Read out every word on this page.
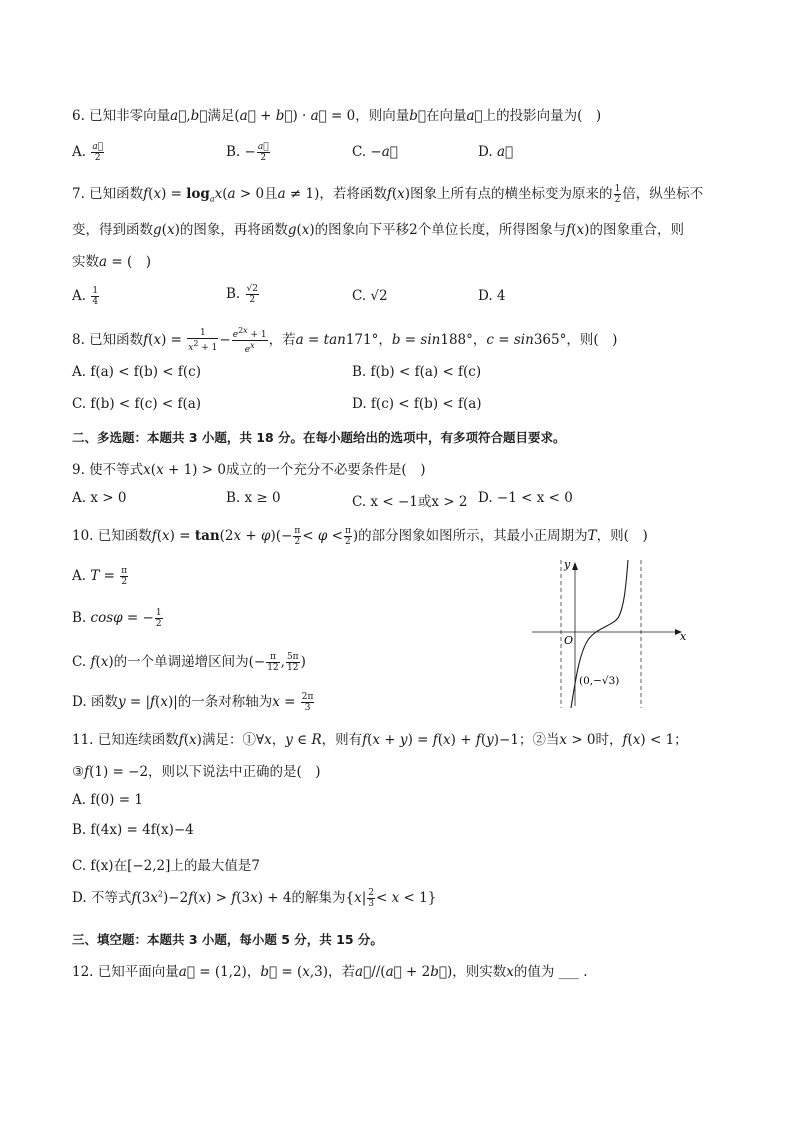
6. 已知非零向量a⃗,b⃗满足(a⃗ + b⃗) · a⃗ = 0，则向量b⃗在向量a⃗上的投影向量为(　)
A. $\frac{a⃗}{2}$	B. − $\frac{a⃗}{2}$	C. −a⃗	D. a⃗
7. 已知函数$f(x) = \log_ax(a > 0$且a ≠ 1)，若将函数f(x)图象上所有点的横坐标变为原来的 $\frac{1}{2}$ 倍，纵坐标不
变，得到函数g(x)的图象，再将函数g(x)的图象向下平移2个单位长度，所得图象与f(x)的图象重合，则
实数a = (　)
A. $\frac{1}{4}$	B. $\frac{√2}{2}$	C. √2	D. 4
8. 已知函数$f(x) = \frac{1}{x2 + 1} - \frac{e2x + 1}{ex}$ ，若a = tan171°，b = sin188°，c = sin365°，则(　)
A. f(a) < f(b) < f(c)	B. f(b) < f(a) < f(c)
C. f(b) < f(c) < f(a)	D. f(c) < f(b) < f(a)
二、多选题：本题共 3 小题，共 18 分。在每小题给出的选项中，有多项符合题目要求。
9. 使不等式x(x + 1) > 0成立的一个充分不必要条件是(　)
A. x > 0	B. x ≥ 0	C. x < −1或x > 2 D. −1 < x < 0
10. 已知函数$f(x) = \tan(2x + \varphi)(- \frac{\pi}{2} < \varphi < \frac{\pi}{2}$ )的部分图象如图所示，其最小正周期为T，则(　)
A. $T = \frac{\pi}{2}$
B. cosφ = − $\frac{1}{2}$
C. f(x)的一个单调递增区间为(− $\frac{\pi}{12}$ , $\frac{5\pi}{12}$ )
D. 函数y = |f(x)|的一条对称轴为$x = \frac{2\pi}{3}$
y
x
O
(0,−√3)
11. 已知连续函数f(x)满足：①∀x，y ∈ R，则有f(x + y) = f(x) + f(y)−1；②当x > 0时，f(x) < 1；
③f(1) = −2，则以下说法中正确的是(　)
A. f(0) = 1
B. f(4x) = 4f(x)−4
C. f(x)在[−2,2]上的最大值是7
D. 不等式$f(3x^2)-2f(x) > f(3x) + 4$的解集为$\{x| \frac{2}{3} < x < 1\}$
三、填空题：本题共 3 小题，每小题 5 分，共 15 分。
12. 已知平面向量a⃗ = (1,2)，b⃗ = (x,3)，若a⃗//(a⃗ + 2b⃗)，则实数x的值为 ___ .
